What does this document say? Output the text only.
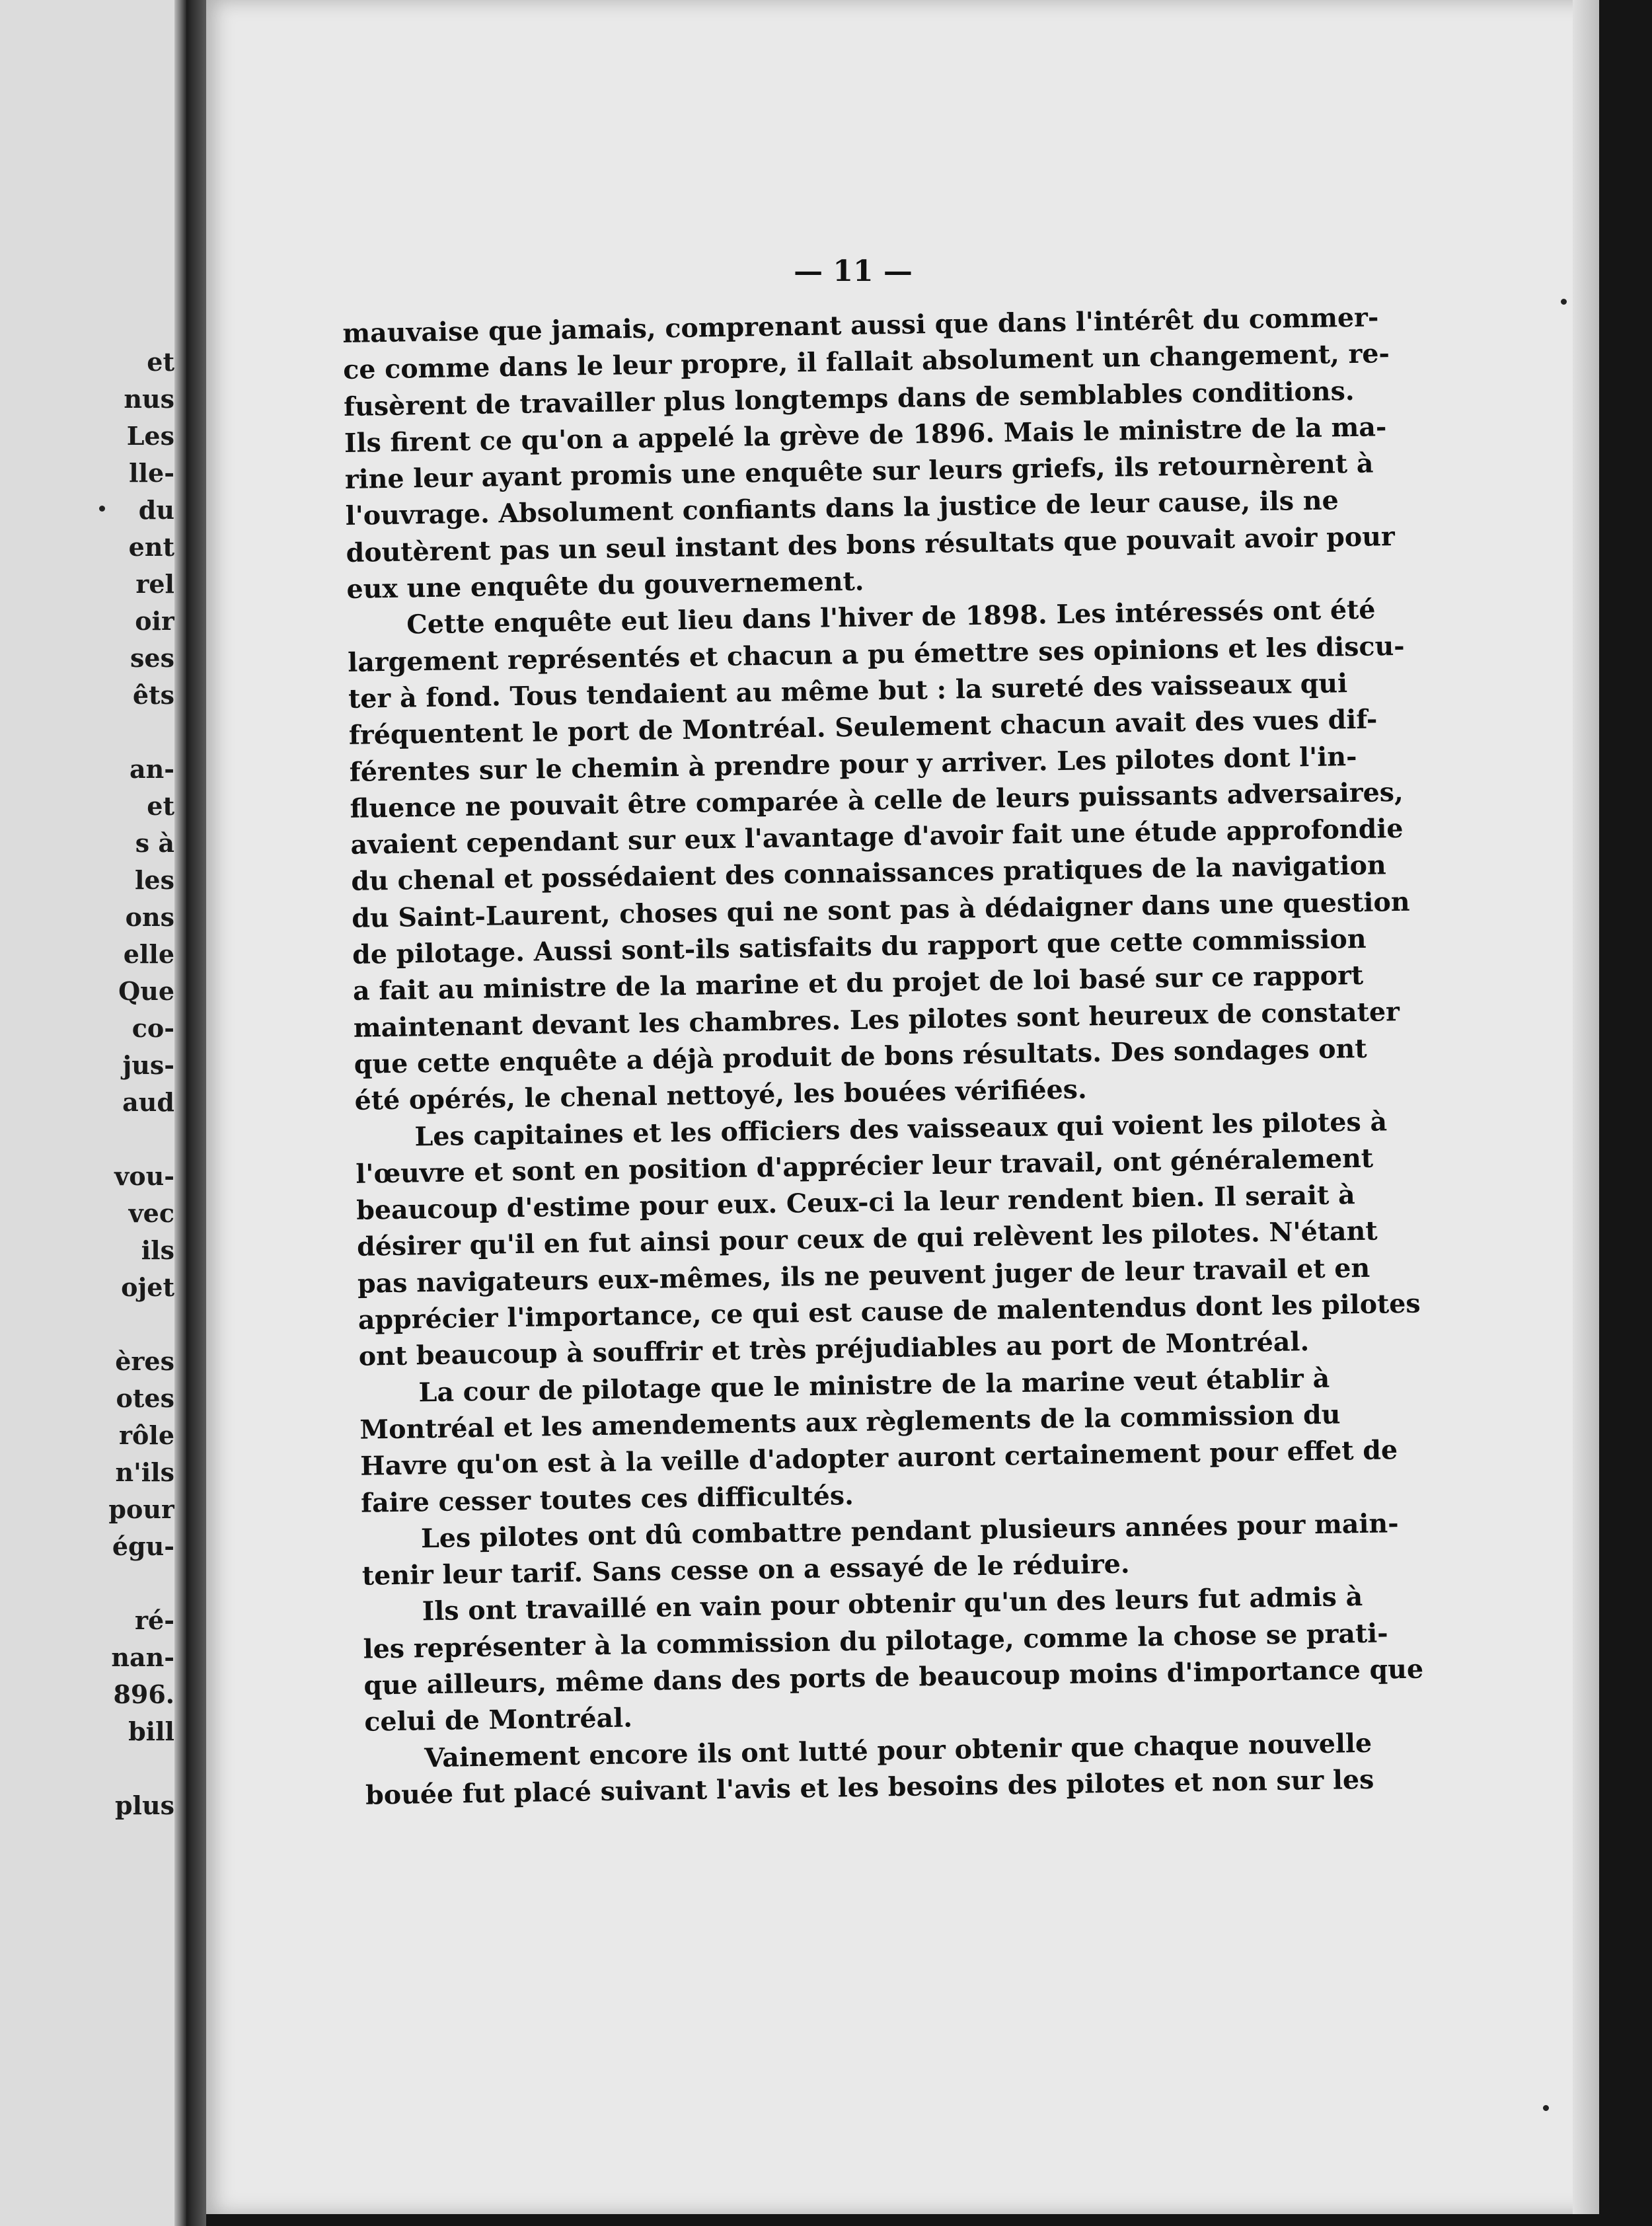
et
nus
Les
lle-
du
ent
rel
oir
ses
êts
an-
et
s à
les
ons
elle
Que
co-
jus-
aud
vou-
vec
ils
ojet
ères
otes
rôle
n'ils
pour
égu-
ré-
nan-
896.
bill
plus
— 11 —
mauvaise que jamais, comprenant aussi que dans l'intérêt du commer-
ce comme dans le leur propre, il fallait absolument un changement, re-
fusèrent de travailler plus longtemps dans de semblables conditions.
Ils firent ce qu'on a appelé la grève de 1896. Mais le ministre de la ma-
rine leur ayant promis une enquête sur leurs griefs, ils retournèrent à
l'ouvrage. Absolument confiants dans la justice de leur cause, ils ne
doutèrent pas un seul instant des bons résultats que pouvait avoir pour
eux une enquête du gouvernement.
Cette enquête eut lieu dans l'hiver de 1898. Les intéressés ont été
largement représentés et chacun a pu émettre ses opinions et les discu-
ter à fond. Tous tendaient au même but : la sureté des vaisseaux qui
fréquentent le port de Montréal. Seulement chacun avait des vues dif-
férentes sur le chemin à prendre pour y arriver. Les pilotes dont l'in-
fluence ne pouvait être comparée à celle de leurs puissants adversaires,
avaient cependant sur eux l'avantage d'avoir fait une étude approfondie
du chenal et possédaient des connaissances pratiques de la navigation
du Saint-Laurent, choses qui ne sont pas à dédaigner dans une question
de pilotage. Aussi sont-ils satisfaits du rapport que cette commission
a fait au ministre de la marine et du projet de loi basé sur ce rapport
maintenant devant les chambres. Les pilotes sont heureux de constater
que cette enquête a déjà produit de bons résultats. Des sondages ont
été opérés, le chenal nettoyé, les bouées vérifiées.
Les capitaines et les officiers des vaisseaux qui voient les pilotes à
l'œuvre et sont en position d'apprécier leur travail, ont généralement
beaucoup d'estime pour eux. Ceux-ci la leur rendent bien. Il serait à
désirer qu'il en fut ainsi pour ceux de qui relèvent les pilotes. N'étant
pas navigateurs eux-mêmes, ils ne peuvent juger de leur travail et en
apprécier l'importance, ce qui est cause de malentendus dont les pilotes
ont beaucoup à souffrir et très préjudiables au port de Montréal.
La cour de pilotage que le ministre de la marine veut établir à
Montréal et les amendements aux règlements de la commission du
Havre qu'on est à la veille d'adopter auront certainement pour effet de
faire cesser toutes ces difficultés.
Les pilotes ont dû combattre pendant plusieurs années pour main-
tenir leur tarif. Sans cesse on a essayé de le réduire.
Ils ont travaillé en vain pour obtenir qu'un des leurs fut admis à
les représenter à la commission du pilotage, comme la chose se prati-
que ailleurs, même dans des ports de beaucoup moins d'importance que
celui de Montréal.
Vainement encore ils ont lutté pour obtenir que chaque nouvelle
bouée fut placé suivant l'avis et les besoins des pilotes et non sur les
